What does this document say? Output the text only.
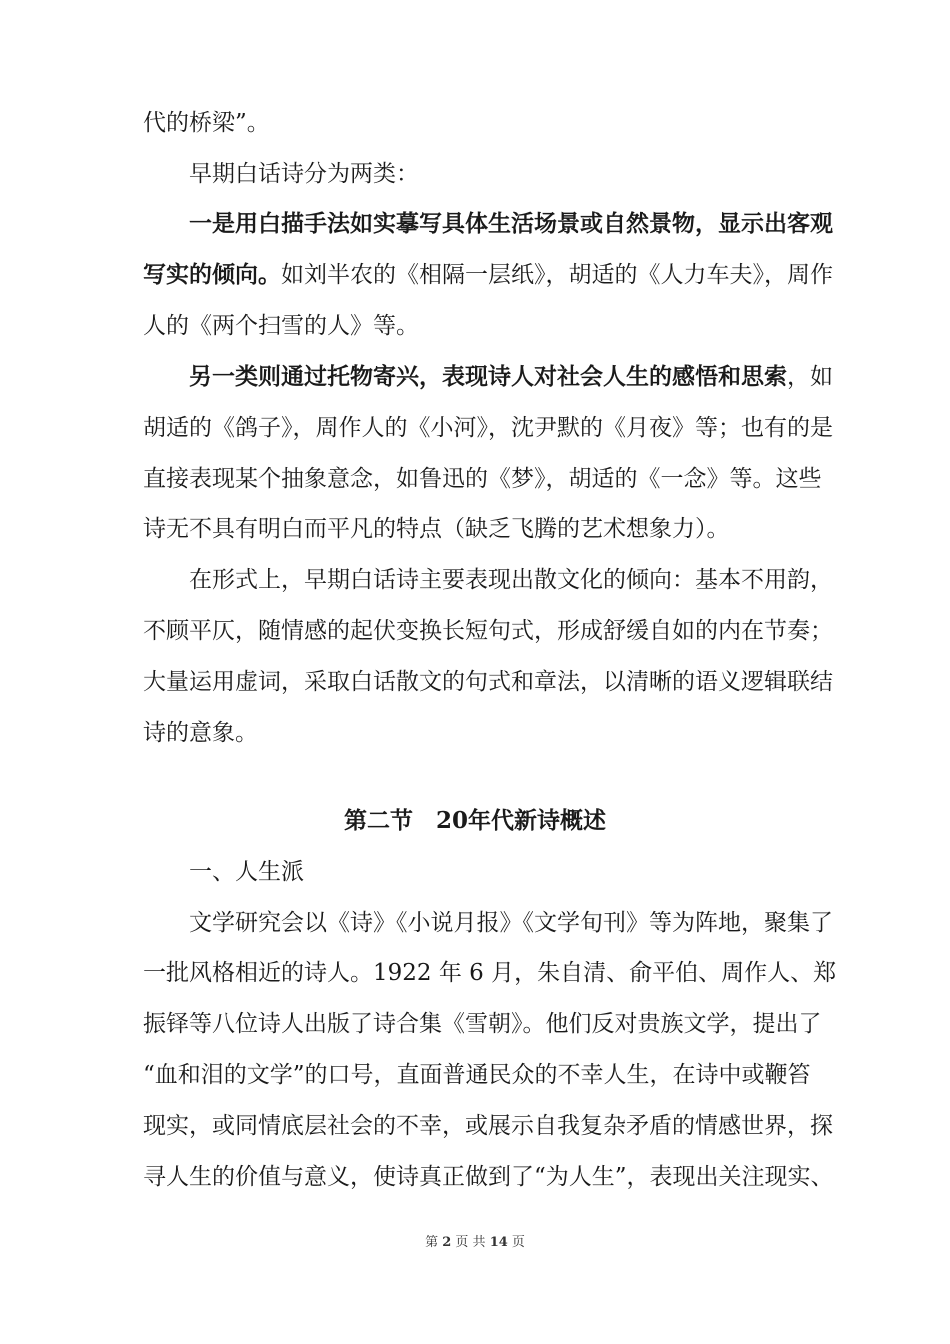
代的桥梁”。
早期白话诗分为两类：
一是用白描手法如实摹写具体生活场景或自然景物，显示出客观
写实的倾向。如刘半农的《相隔一层纸》，胡适的《人力车夫》，周作
人的《两个扫雪的人》等。
另一类则通过托物寄兴，表现诗人对社会人生的感悟和思索，如
胡适的《鸽子》，周作人的《小河》，沈尹默的《月夜》等；也有的是
直接表现某个抽象意念，如鲁迅的《梦》，胡适的《一念》等。这些
诗无不具有明白而平凡的特点（缺乏飞腾的艺术想象力）。
在形式上，早期白话诗主要表现出散文化的倾向：基本不用韵，
不顾平仄，随情感的起伏变换长短句式，形成舒缓自如的内在节奏；
大量运用虚词，采取白话散文的句式和章法，以清晰的语义逻辑联结
诗的意象。
第二节　20年代新诗概述
一、人生派
文学研究会以《诗》《小说月报》《文学旬刊》等为阵地，聚集了
一批风格相近的诗人。1922 年 6 月，朱自清、俞平伯、周作人、郑
振铎等八位诗人出版了诗合集《雪朝》。他们反对贵族文学，提出了
“血和泪的文学”的口号，直面普通民众的不幸人生，在诗中或鞭笞
现实，或同情底层社会的不幸，或展示自我复杂矛盾的情感世界，探
寻人生的价值与意义，使诗真正做到了“为人生”，表现出关注现实、
第 2 页 共 14 页
